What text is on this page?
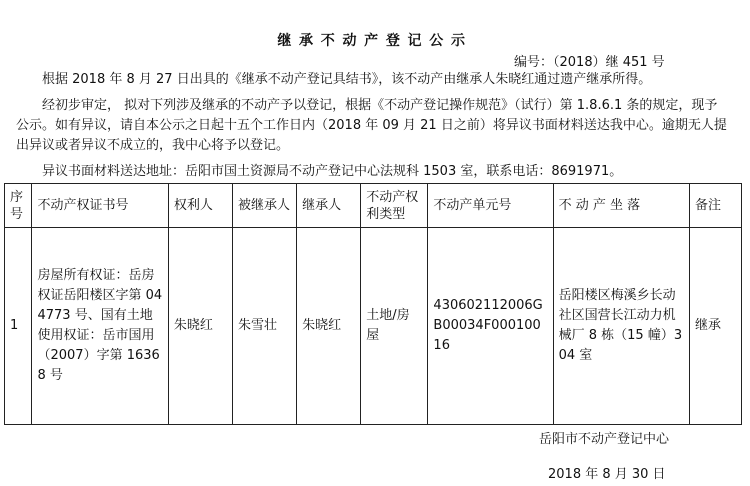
继承不动产登记公示
编号：（2018）继 451 号

根据 2018 年 8 月 27 日出具的《继承不动产登记具结书》，该不动产由继承人朱晓红通过遗产继承所得。

经初步审定， 拟对下列涉及继承的不动产予以登记，根据《不动产登记操作规范》（试行）第 1.8.6.1 条的规定，现予公示。如有异议，请自本公示之日起十五个工作日内（2018 年 09 月 21 日之前）将异议书面材料送达我中心。逾期无人提出异议或者异议不成立的，我中心将予以登记。

异议书面材料送达地址：岳阳市国土资源局不动产登记中心法规科 1503 室，联系电话：8691971。

序号	不动产权证书号	权利人	被继承人	继承人	不动产权利类型	不动产单元号	不 动 产 坐 落	备注
1	房屋所有权证：岳房权证岳阳楼区字第 044773 号、国有土地使用权证：岳市国用（2007）字第 16368 号	朱晓红	朱雪壮	朱晓红	土地/房屋	430602112006GB00034F00010016	岳阳楼区梅溪乡长动社区国营长江动力机械厂 8 栋（15 幢）304 室	继承
岳阳市不动产登记中心
2018 年 8 月 30 日
